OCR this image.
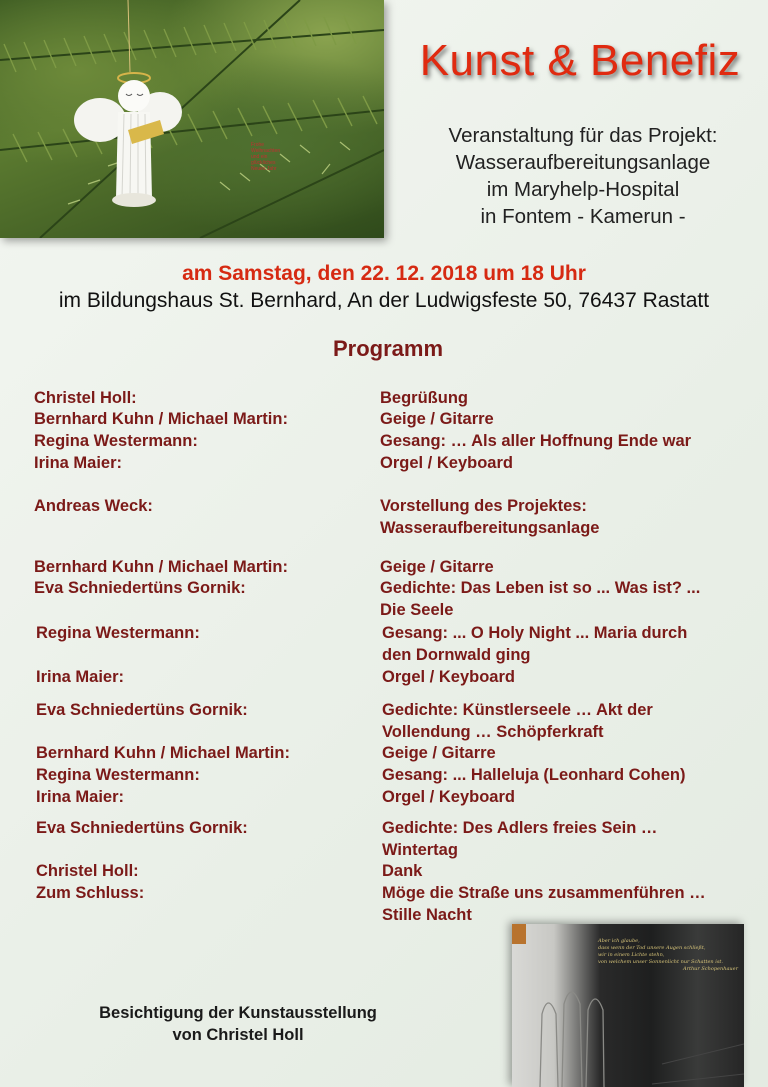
Frohe
Weihnachten
und ein
glückliches
Neues Jahr
Kunst & Benefiz
Veranstaltung für das Projekt:
Wasseraufbereitungsanlage
im Maryhelp-Hospital
in Fontem - Kamerun -
am Samstag, den 22. 12. 2018 um 18 Uhr
im Bildungshaus St. Bernhard, An der Ludwigsfeste 50, 76437 Rastatt
Programm
Christel Holl:	Begrüßung
Bernhard Kuhn / Michael Martin:	Geige / Gitarre
Regina Westermann:	Gesang: … Als aller Hoffnung Ende war
Irina Maier:	Orgel / Keyboard
Andreas Weck:	Vorstellung des Projektes:
Wasseraufbereitungsanlage
Bernhard Kuhn / Michael Martin:	Geige / Gitarre
Eva Schniedertüns Gornik:	Gedichte: Das Leben ist so ... Was ist? ...
Die Seele
Regina Westermann:	Gesang: ... O Holy Night ... Maria durch
den Dornwald ging
Irina Maier:	Orgel / Keyboard
Eva Schniedertüns Gornik:	Gedichte: Künstlerseele … Akt der
Vollendung … Schöpferkraft
Bernhard Kuhn / Michael Martin:	Geige / Gitarre
Regina Westermann:	Gesang: ... Halleluja (Leonhard Cohen)
Irina Maier:	Orgel / Keyboard
Eva Schniedertüns Gornik:	Gedichte: Des Adlers freies Sein …
Wintertag
Christel Holl:	Dank
Zum Schluss:	Möge die Straße uns zusammenführen …
Stille Nacht
Besichtigung der Kunstausstellung
von Christel Holl
Aber ich glaube,
dass wenn der Tod unsere Augen schließt,
wir in einem Lichte stehn,
von welchem unser Sonnenlicht nur Schatten ist.
Arthur Schopenhauer
